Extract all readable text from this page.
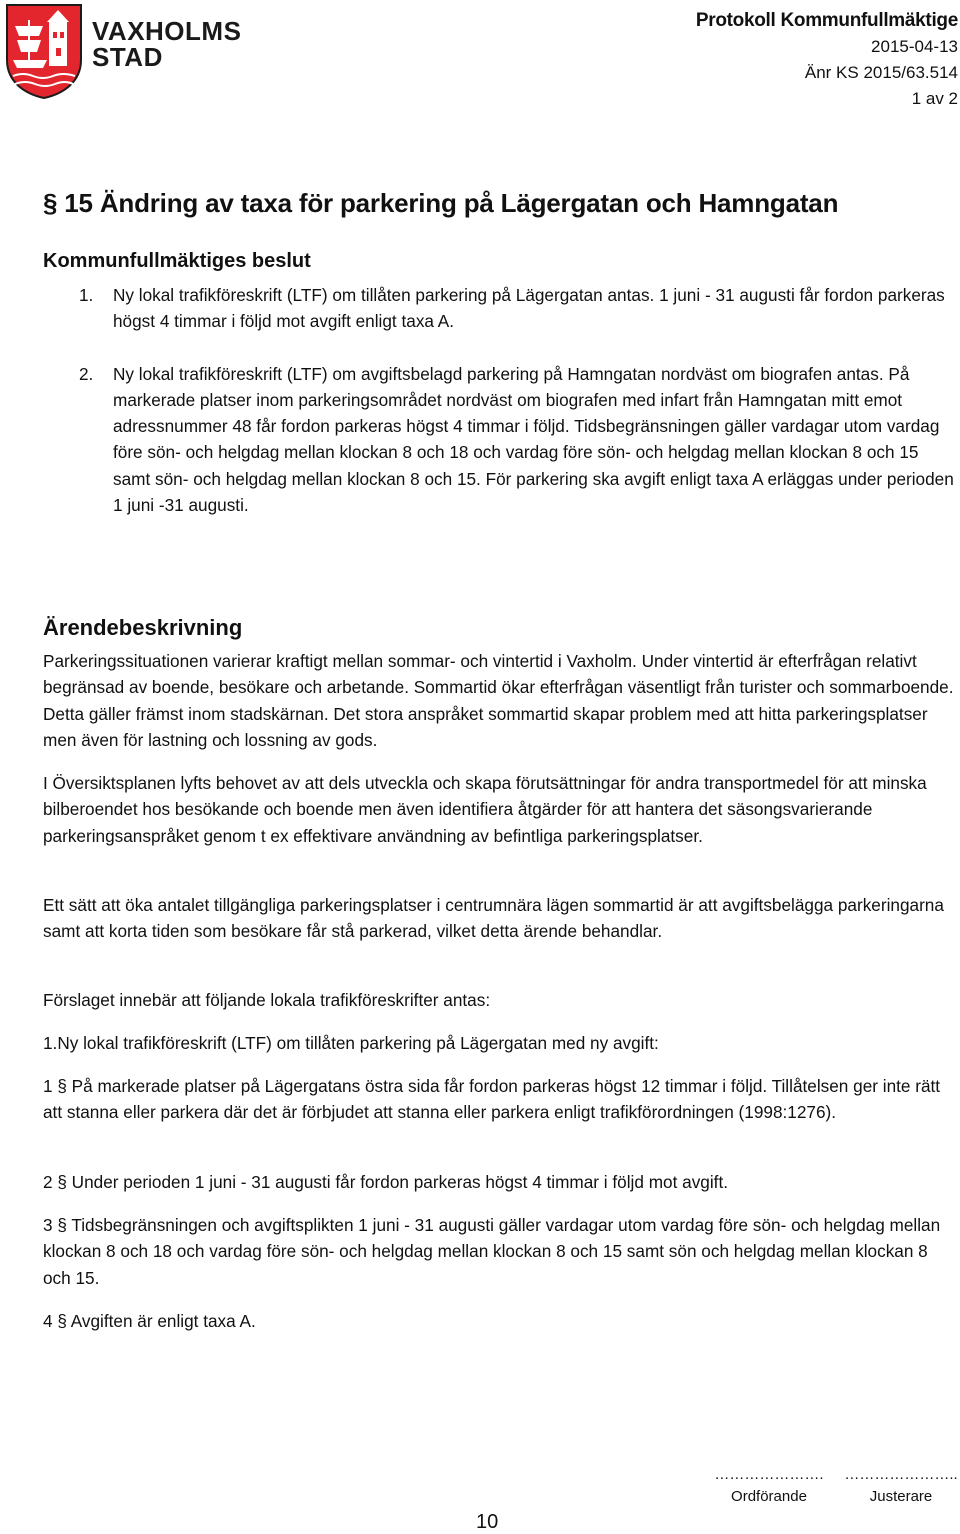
VAXHOLMS
STAD
Protokoll Kommunfullmäktige
2015-04-13
Änr KS 2015/63.514
1 av 2
§ 15 Ändring av taxa för parkering på Lägergatan och Hamngatan
Kommunfullmäktiges beslut
1.	Ny lokal trafikföreskrift (LTF) om tillåten parkering på Lägergatan antas. 1 juni - 31 augusti får fordon parkeras högst 4 timmar i följd mot avgift enligt taxa A.
2.	Ny lokal trafikföreskrift (LTF) om avgiftsbelagd parkering på Hamngatan nordväst om biografen antas. På markerade platser inom parkeringsområdet nordväst om biografen med infart från Hamngatan mitt emot adressnummer 48 får fordon parkeras högst 4 timmar i följd. Tidsbegränsningen gäller vardagar utom vardag före sön- och helgdag mellan klockan 8 och 18 och vardag före sön- och helgdag mellan klockan 8 och 15 samt sön- och helgdag mellan klockan 8 och 15. För parkering ska avgift enligt taxa A erläggas under perioden 1 juni -31 augusti.
Ärendebeskrivning
Parkeringssituationen varierar kraftigt mellan sommar- och vintertid i Vaxholm. Under vintertid är efterfrågan relativt begränsad av boende, besökare och arbetande. Sommartid ökar efterfrågan väsentligt från turister och sommarboende. Detta gäller främst inom stadskärnan. Det stora anspråket sommartid skapar problem med att hitta parkeringsplatser men även för lastning och lossning av gods.
I Översiktsplanen lyfts behovet av att dels utveckla och skapa förutsättningar för andra transportmedel för att minska bilberoendet hos besökande och boende men även identifiera åtgärder för att hantera det säsongsvarierande parkeringsanspråket genom t ex effektivare användning av befintliga parkeringsplatser.
Ett sätt att öka antalet tillgängliga parkeringsplatser i centrumnära lägen sommartid är att avgiftsbelägga parkeringarna samt att korta tiden som besökare får stå parkerad, vilket detta ärende behandlar.
Förslaget innebär att följande lokala trafikföreskrifter antas:
1.Ny lokal trafikföreskrift (LTF) om tillåten parkering på Lägergatan med ny avgift:
1 § På markerade platser på Lägergatans östra sida får fordon parkeras högst 12 timmar i följd. Tillåtelsen ger inte rätt att stanna eller parkera där det är förbjudet att stanna eller parkera enligt trafikförordningen (1998:1276).
2 § Under perioden 1 juni - 31 augusti får fordon parkeras högst 4 timmar i följd mot avgift.
3 § Tidsbegränsningen och avgiftsplikten 1 juni - 31 augusti gäller vardagar utom vardag före sön- och helgdag mellan klockan 8 och 18 och vardag före sön- och helgdag mellan klockan 8 och 15 samt sön och helgdag mellan klockan 8 och 15.
4 § Avgiften är enligt taxa A.
10
………………….
Ordförande
…………………..
Justerare
